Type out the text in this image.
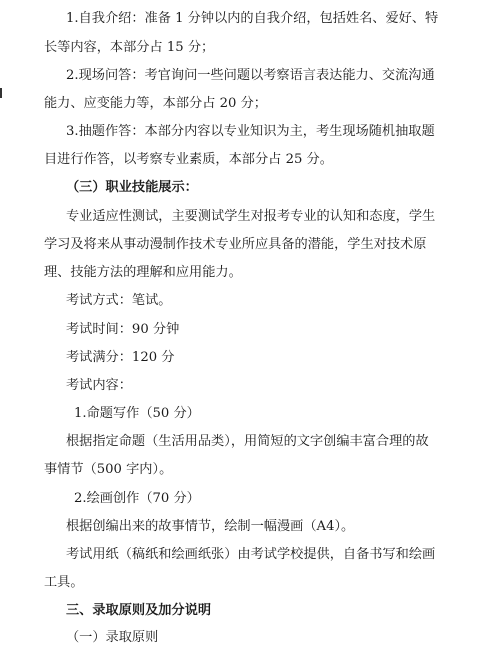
1.自我介绍：准备 1 分钟以内的自我介绍，包括姓名、爱好、特
长等内容，本部分占 15 分；
2.现场问答：考官询问一些问题以考察语言表达能力、交流沟通
能力、应变能力等，本部分占 20 分；
3.抽题作答：本部分内容以专业知识为主，考生现场随机抽取题
目进行作答，以考察专业素质，本部分占 25 分。
（三）职业技能展示：
专业适应性测试，主要测试学生对报考专业的认知和态度，学生
学习及将来从事动漫制作技术专业所应具备的潜能，学生对技术原
理、技能方法的理解和应用能力。
考试方式：笔试。
考试时间：90 分钟
考试满分：120 分
考试内容：
1.命题写作（50 分）
根据指定命题（生活用品类），用简短的文字创编丰富合理的故
事情节（500 字内）。
2.绘画创作（70 分）
根据创编出来的故事情节，绘制一幅漫画（A4）。
考试用纸（稿纸和绘画纸张）由考试学校提供，自备书写和绘画
工具。
三、录取原则及加分说明
（一）录取原则
